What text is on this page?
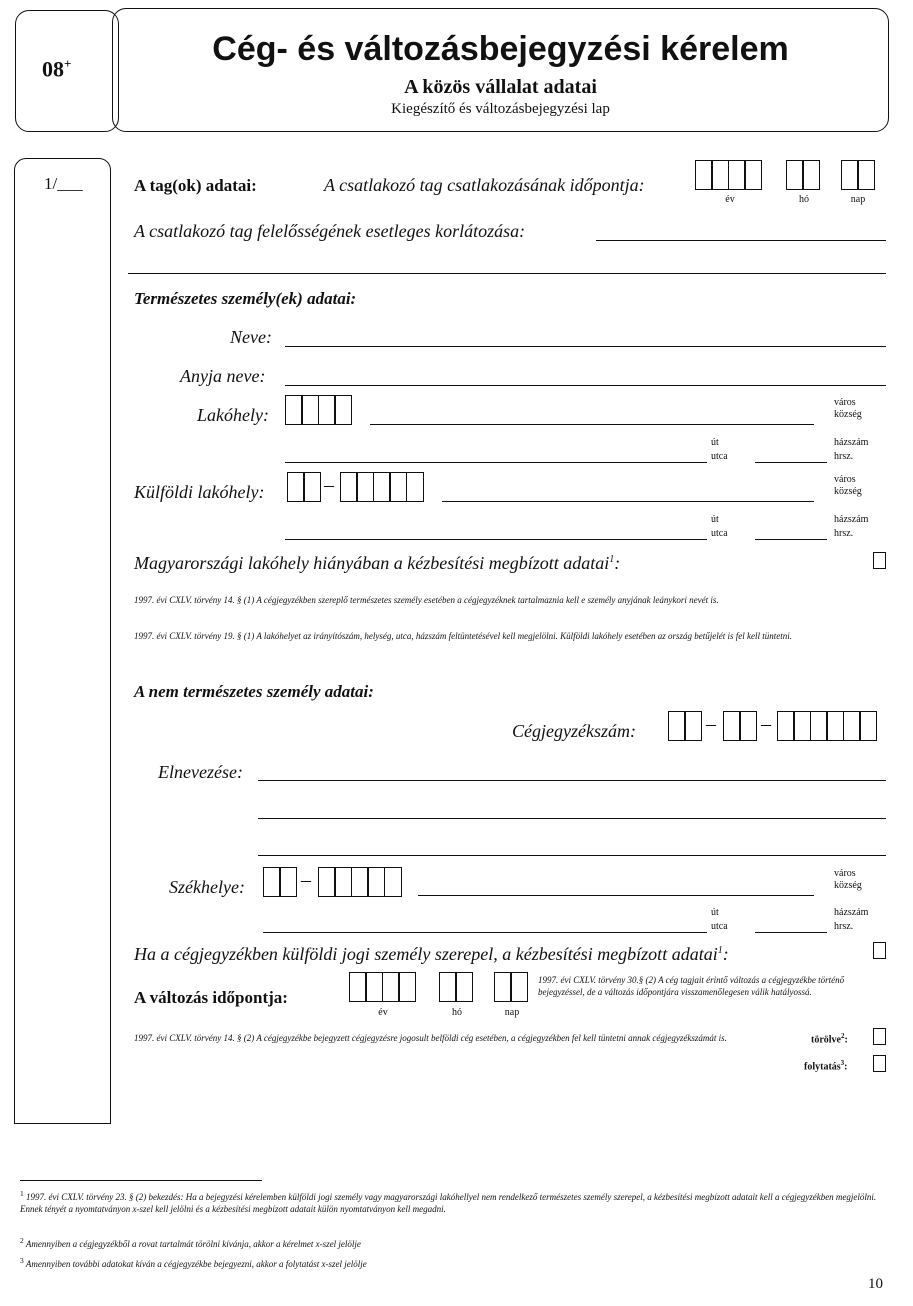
08+	Cég- és változásbejegyzési kérelem
A közös vállalat adatai
Kiegészítő és változásbejegyzési lap
1/___	A tag(ok) adatai:	A csatlakozó tag csatlakozásának időpontja:
év	hó	nap
A csatlakozó tag felelősségének esetleges korlátozása:
Természetes személy(ek) adatai:
Neve:
Anyja neve:
Lakóhely:
város
község
út
utca
házszám
hrsz.
Külföldi lakóhely:	–	város
község
út
utca
házszám
hrsz.
Magyarországi lakóhely hiányában a kézbesítési megbízott adatai$^1$:
1997. évi CXLV. törvény 14. § (1) A cégjegyzékben szereplő természetes személy esetében a cégjegyzéknek tartalmaznia kell e személy anyjának leánykori nevét is.
1997. évi CXLV. törvény 19. § (1) A lakóhelyet az irányítószám, helység, utca, házszám feltüntetésével kell megjelölni. Külföldi lakóhely esetében az ország betűjelét is fel kell tüntetni.
A nem természetes személy adatai:
Cégjegyzékszám:	– –
Elnevezése:
Székhelye:	–	város
község
út
utca
házszám
hrsz.
Ha a cégjegyzékben külföldi jogi személy szerepel, a kézbesítési megbízott adatai$^1$:
A változás időpontja:
év	hó	nap
1997. évi CXLV. törvény 30.§ (2) A cég tagjait érintő változás a cégjegyzékbe történő bejegyzéssel, de a változás időpontjára visszamenőlegesen válik hatályossá.
1997. évi CXLV. törvény 14. § (2) A cégjegyzékbe bejegyzett cégjegyzésre jogosult belföldi cég esetében, a cégjegyzékben fel kell tüntetni annak cégjegyzékszámát is.	törölve$^2$:
folytatás$^3$:
$^1$ 1997. évi CXLV. törvény 23. § (2) bekezdés: Ha a bejegyzési kérelemben külföldi jogi személy vagy magyarországi lakóhellyel nem rendelkező természetes személy szerepel, a kézbesítési megbízott adatait kell a cégjegyzékben megjelölni. Ennek tényét a nyomtatványon x-szel kell jelölni és a kézbesítési megbízott adatait külön nyomtatványon kell megadni.
$^2$ Amennyiben a cégjegyzékből a rovat tartalmát törölni kívánja, akkor a kérelmet x-szel jelölje
$^3$ Amennyiben további adatokat kíván a cégjegyzékbe bejegyezni, akkor a folytatást x-szel jelölje
10
